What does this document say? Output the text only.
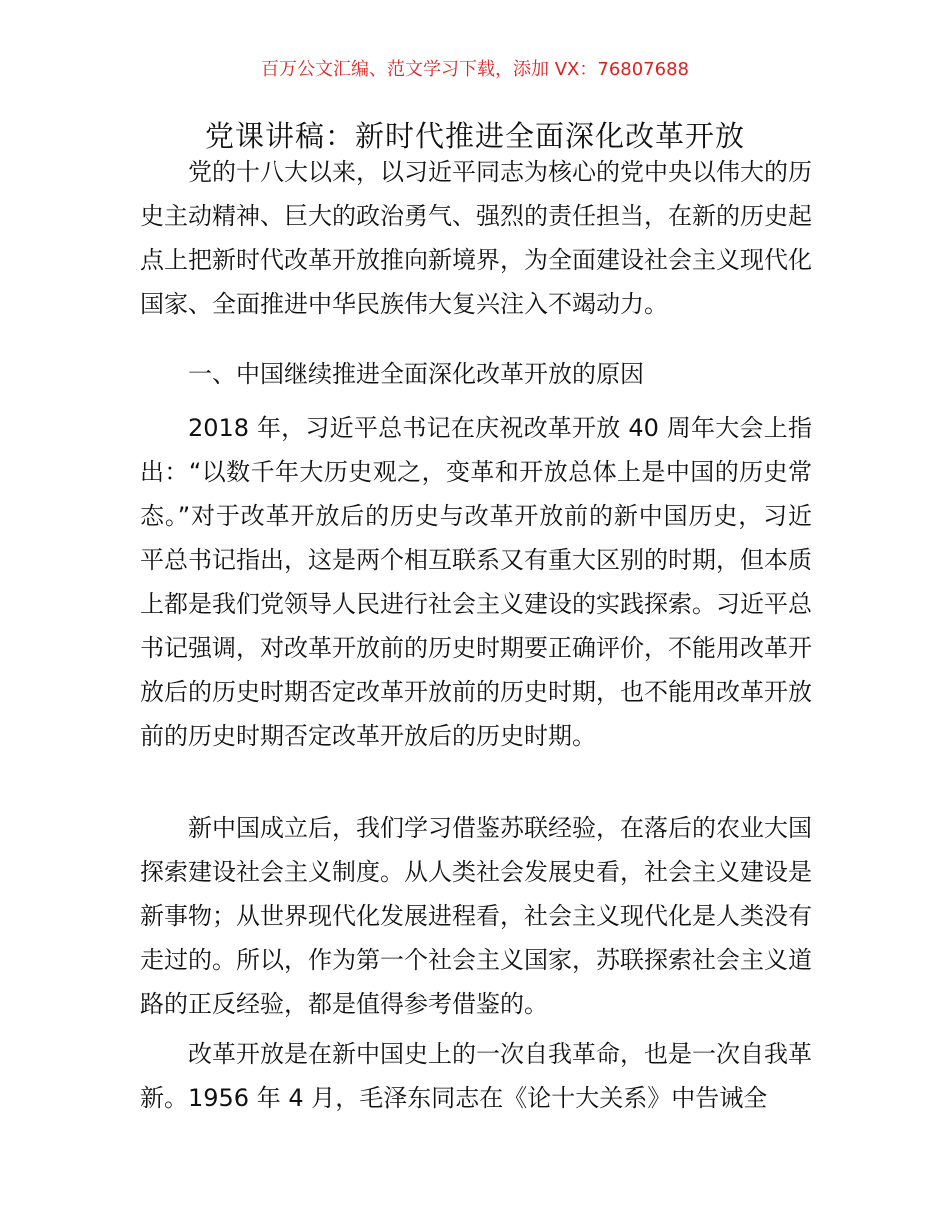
百万公文汇编、范文学习下载，添加 VX：76807688
党课讲稿：新时代推进全面深化改革开放

党的十八大以来，以习近平同志为核心的党中央以伟大的历史主动精神、巨大的政治勇气、强烈的责任担当，在新的历史起点上把新时代改革开放推向新境界，为全面建设社会主义现代化国家、全面推进中华民族伟大复兴注入不竭动力。

一、中国继续推进全面深化改革开放的原因

2018 年，习近平总书记在庆祝改革开放 40 周年大会上指出：“以数千年大历史观之，变革和开放总体上是中国的历史常态。”对于改革开放后的历史与改革开放前的新中国历史，习近平总书记指出，这是两个相互联系又有重大区别的时期，但本质上都是我们党领导人民进行社会主义建设的实践探索。习近平总书记强调，对改革开放前的历史时期要正确评价，不能用改革开放后的历史时期否定改革开放前的历史时期，也不能用改革开放前的历史时期否定改革开放后的历史时期。

新中国成立后，我们学习借鉴苏联经验，在落后的农业大国探索建设社会主义制度。从人类社会发展史看，社会主义建设是新事物；从世界现代化发展进程看，社会主义现代化是人类没有走过的。所以，作为第一个社会主义国家，苏联探索社会主义道路的正反经验，都是值得参考借鉴的。

改革开放是在新中国史上的一次自我革命，也是一次自我革新。1956 年 4 月，毛泽东同志在《论十大关系》中告诫全
